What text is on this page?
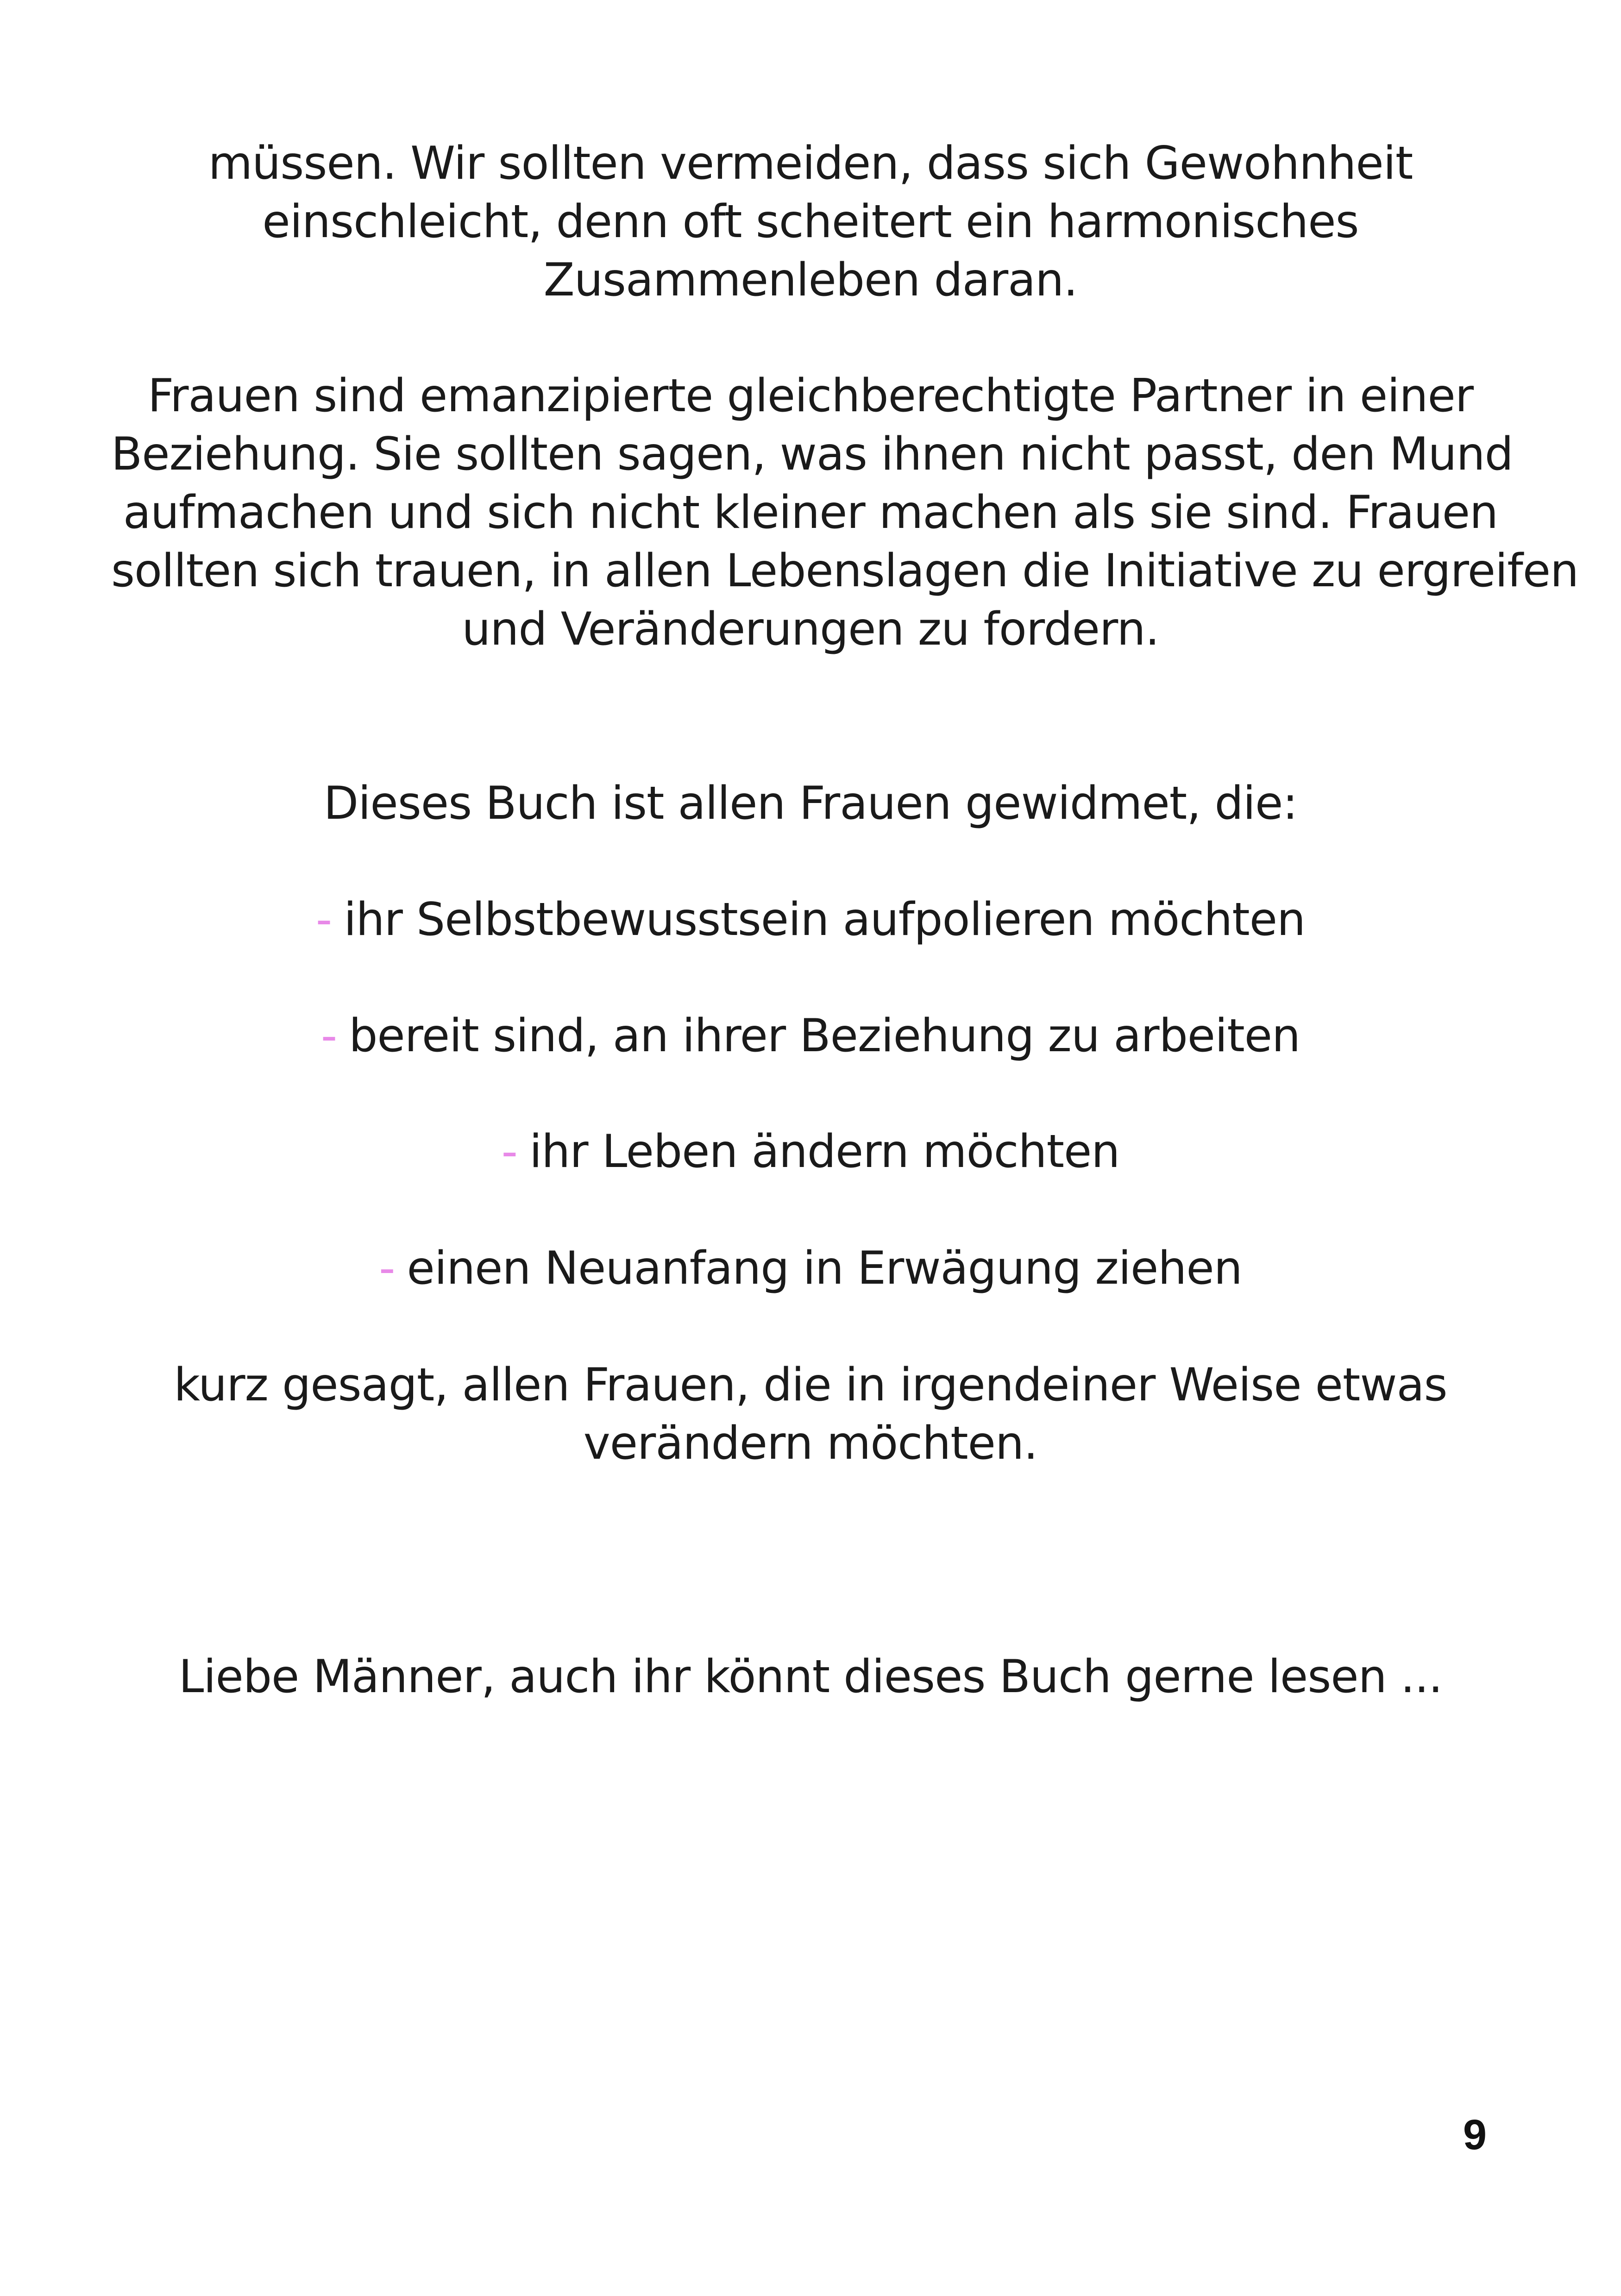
müssen. Wir sollten vermeiden, dass sich Gewohnheit
einschleicht, denn oft scheitert ein harmonisches
Zusammenleben daran.

Frauen sind emanzipierte gleichberechtigte Partner in einer
Beziehung. Sie sollten sagen, was ihnen nicht passt, den Mund
aufmachen und sich nicht kleiner machen als sie sind. Frauen
sollten sich trauen, in allen Lebenslagen die Initiative zu ergreifen
und Veränderungen zu fordern.

Dieses Buch ist allen Frauen gewidmet, die:

- ihr Selbstbewusstsein aufpolieren möchten

- bereit sind, an ihrer Beziehung zu arbeiten

- ihr Leben ändern möchten

- einen Neuanfang in Erwägung ziehen

kurz gesagt, allen Frauen, die in irgendeiner Weise etwas
verändern möchten.

Liebe Männer, auch ihr könnt dieses Buch gerne lesen ...

9
